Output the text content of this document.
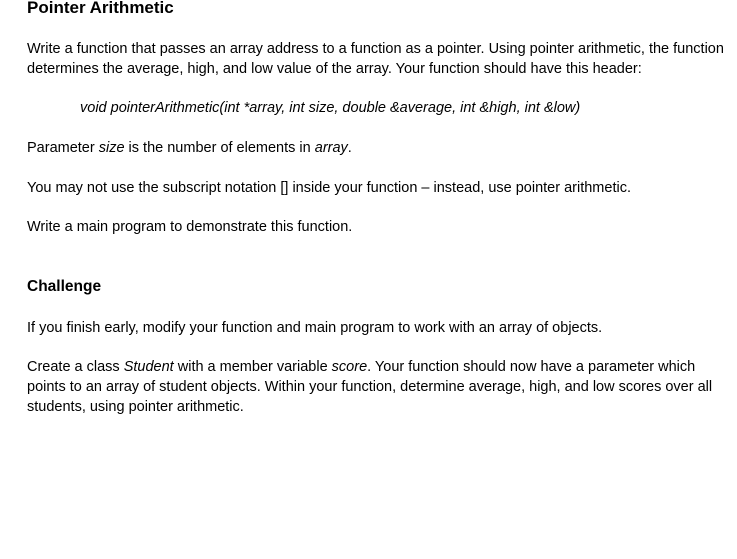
Pointer Arithmetic

Write a function that passes an array address to a function as a pointer. Using pointer arithmetic, the function determines the average, high, and low value of the array. Your function should have this header:

void pointerArithmetic(int *array, int size, double &average, int &high, int &low)

Parameter size is the number of elements in array.

You may not use the subscript notation [] inside your function – instead, use pointer arithmetic.

Write a main program to demonstrate this function.

Challenge

If you finish early, modify your function and main program to work with an array of objects.

Create a class Student with a member variable score. Your function should now have a parameter which points to an array of student objects. Within your function, determine average, high, and low scores over all students, using pointer arithmetic.
